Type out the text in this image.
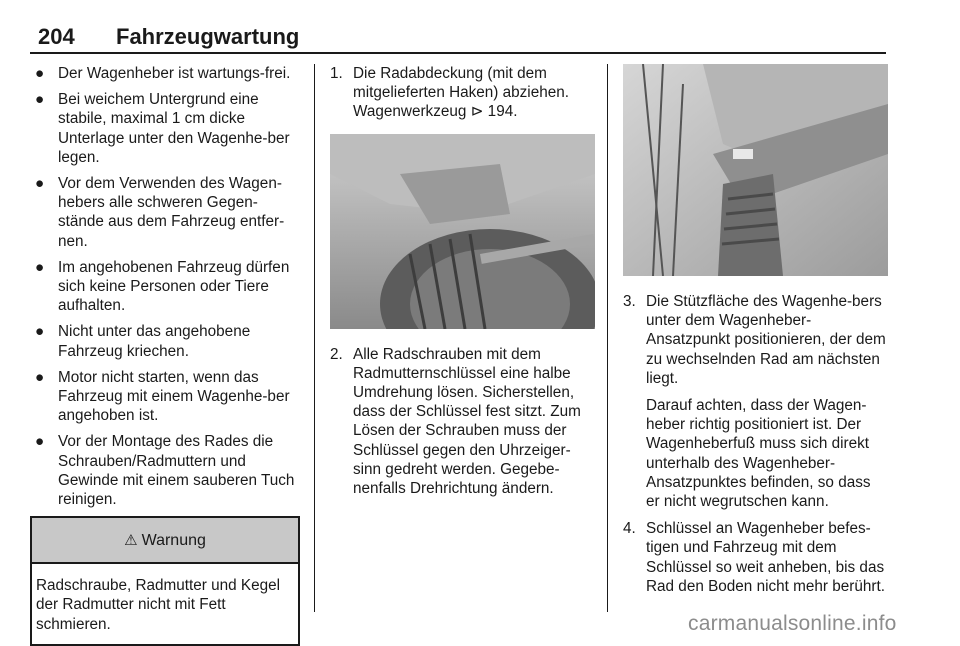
204 Fahrzeugwartung
● Der Wagenheber ist wartungs-frei.
● Bei weichem Untergrund eine stabile, maximal 1 cm dicke Unterlage unter den Wagenhe-ber legen.
● Vor dem Verwenden des Wagen-hebers alle schweren Gegen-stände aus dem Fahrzeug entfer-nen.
● Im angehobenen Fahrzeug dürfen sich keine Personen oder Tiere aufhalten.
● Nicht unter das angehobene Fahrzeug kriechen.
● Motor nicht starten, wenn das Fahrzeug mit einem Wagenhe-ber angehoben ist.
● Vor der Montage des Rades die Schrauben/Radmuttern und Gewinde mit einem sauberen Tuch reinigen.
⚠ Warnung
Radschraube, Radmutter und Kegel der Radmutter nicht mit Fett schmieren.
1. Die Radabdeckung (mit dem mitgelieferten Haken) abziehen. Wagenwerkzeug ⊳ 194.

2. Alle Radschrauben mit dem Radmutternschlüssel eine halbe Umdrehung lösen. Sicherstellen, dass der Schlüssel fest sitzt. Zum Lösen der Schrauben muss der Schlüssel gegen den Uhrzeiger-sinn gedreht werden. Gegebe-nenfalls Drehrichtung ändern.

3. Die Stützfläche des Wagenhe-bers unter dem Wagenheber-Ansatzpunkt positionieren, der dem zu wechselnden Rad am nächsten liegt.

Darauf achten, dass der Wagen-heber richtig positioniert ist. Der Wagenheberfuß muss sich direkt unterhalb des Wagenheber-Ansatzpunktes befinden, so dass er nicht wegrutschen kann.

4. Schlüssel an Wagenheber befes-tigen und Fahrzeug mit dem Schlüssel so weit anheben, bis das Rad den Boden nicht mehr berührt.

carmanualsonline.info
